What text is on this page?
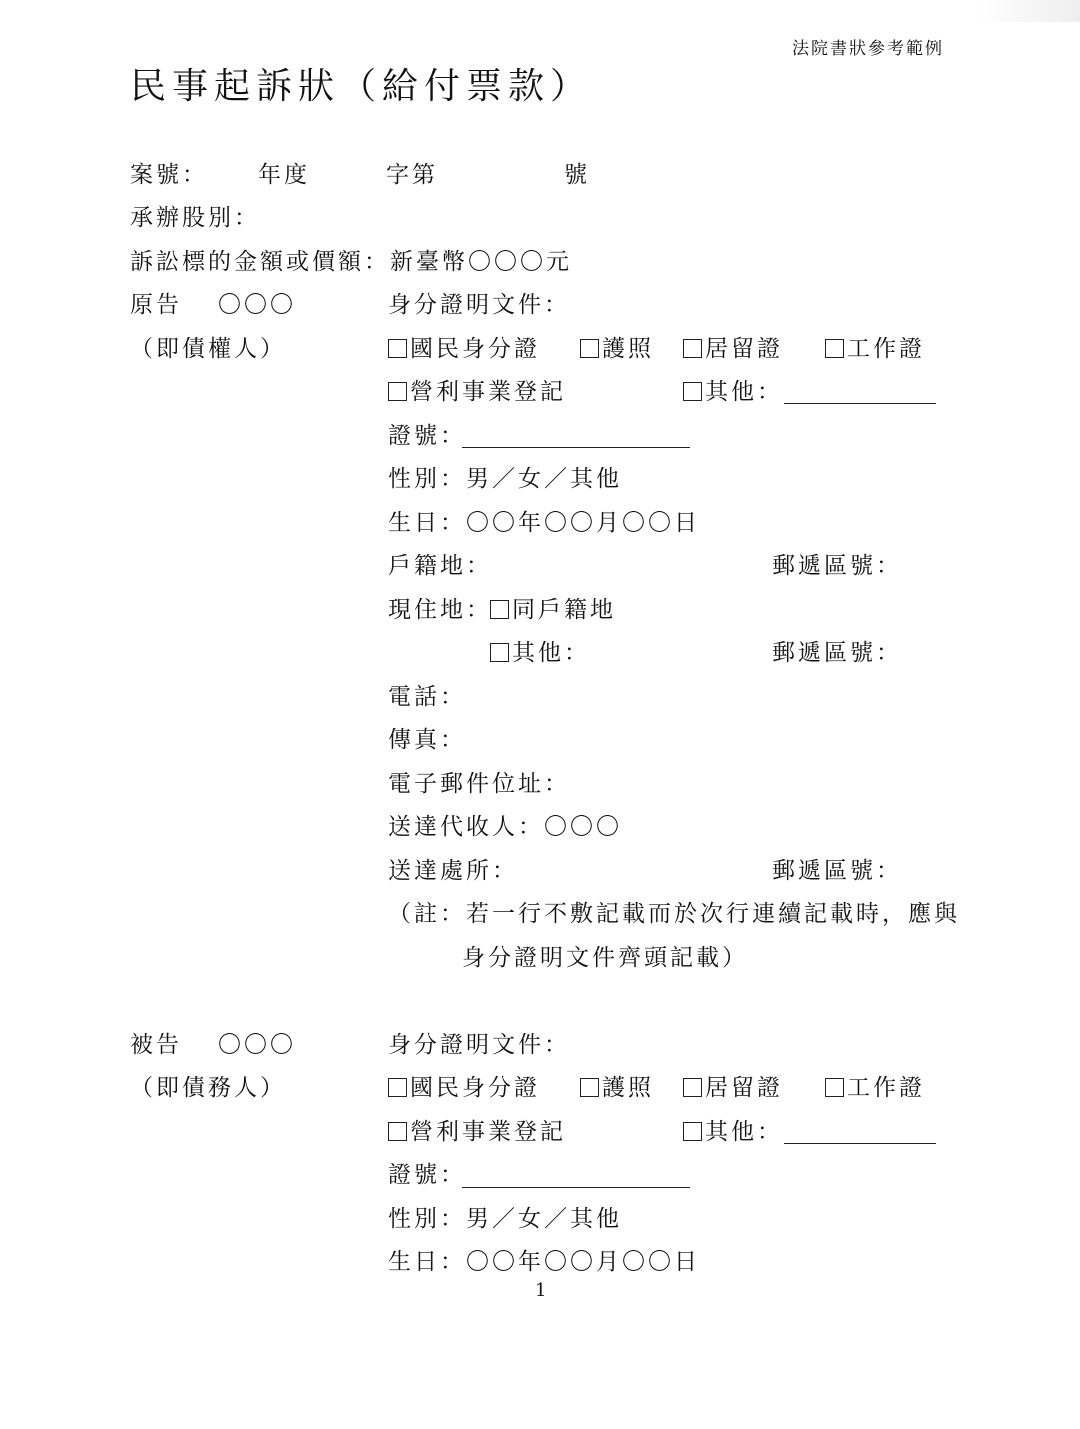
法院書狀參考範例
民事起訴狀（給付票款）
案號： 年度	字第	號
承辦股別：
訴訟標的金額或價額：新臺幣〇〇〇元
原告 〇〇〇
（即債權人）
身分證明文件：
國民身分證	護照	居留證	工作證
營利事業登記	其他：
證號：
性別：男／女／其他
生日：〇〇年〇〇月〇〇日
戶籍地：	郵遞區號：
現住地： 同戶籍地
其他：	郵遞區號：
電話：
傳真：
電子郵件位址：
送達代收人：〇〇〇
送達處所：	郵遞區號：
（註：若一行不敷記載而於次行連續記載時，應與
身分證明文件齊頭記載）
被告 〇〇〇
（即債務人）
身分證明文件：
國民身分證	護照	居留證	工作證
營利事業登記	其他：
證號：
性別：男／女／其他
生日：〇〇年〇〇月〇〇日
1
